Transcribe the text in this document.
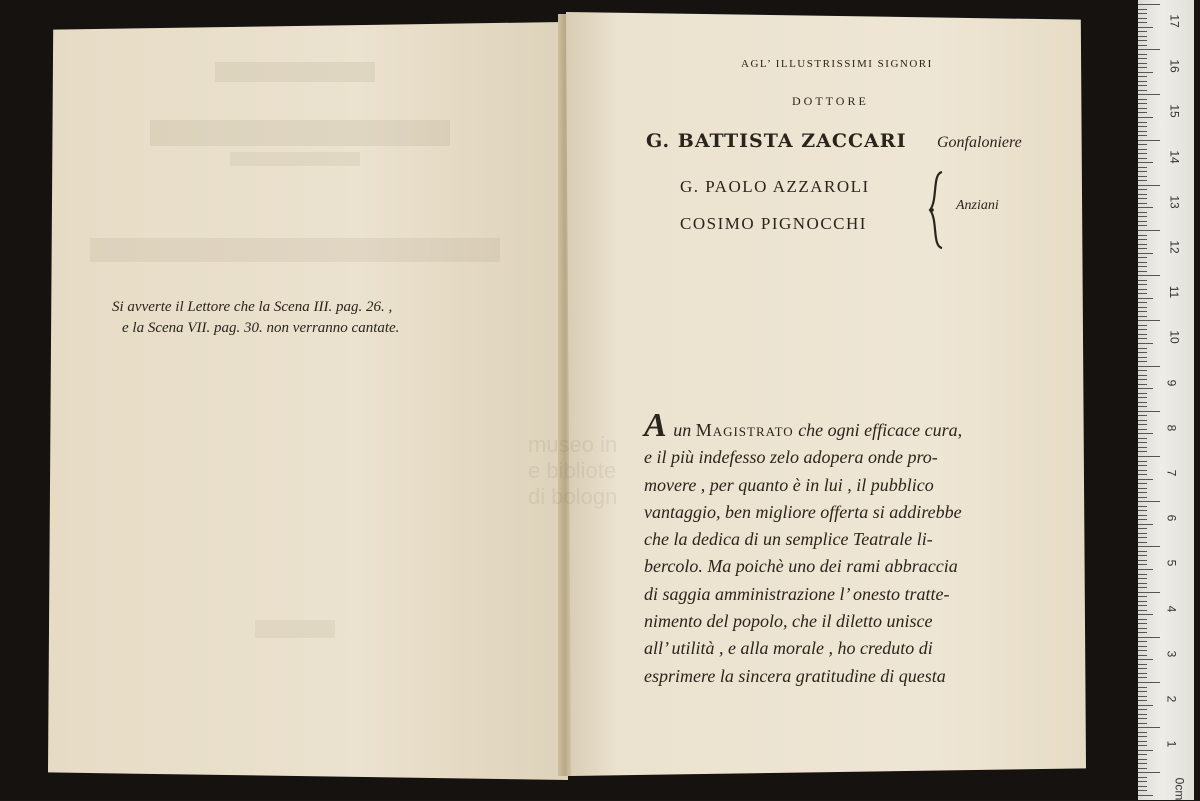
Si avverte il Lettore che la Scena III. pag. 26. ,
e la Scena VII. pag. 30. non verranno cantate.
AGL’ ILLUSTRISSIMI SIGNORI
DOTTORE
G. BATTISTA ZACCARI Gonfaloniere
G. PAOLO AZZAROLI
COSIMO PIGNOCCHI
Anziani
A un Magistrato che ogni efficace cura,
e il più indefesso zelo adopera onde pro-
movere , per quanto è in lui , il pubblico
vantaggio, ben migliore offerta si addirebbe
che la dedica di un semplice Teatrale li-
bercolo. Ma poichè uno dei rami abbraccia
di saggia amministrazione l’ onesto tratte-
nimento del popolo, che il diletto unisce
all’ utilità , e alla morale , ho creduto di
esprimere la sincera gratitudine di questa
museo in
e bibliote
di bologn
17
16
15
14
13
12
11
10
9
8
7
6
5
4
3
2
1
0cm
